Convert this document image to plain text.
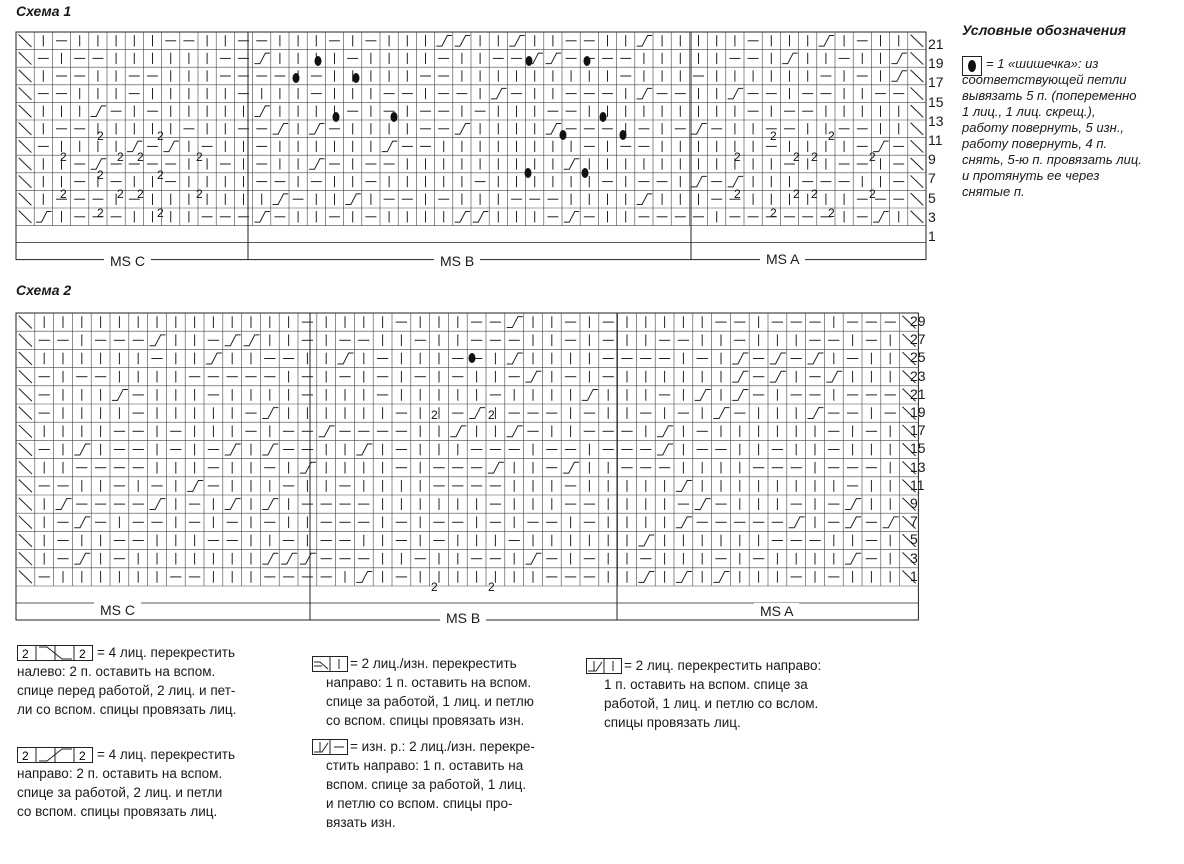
Схема 1
Схема 2
2	2	2	2
2	2 2	2	2	2 2	2
2	2
2	2 2	2	2	2 2	2
2	2	2	2
2	2
2	2
21
19
17
15
13
11
9
7
5
3
1
29
27
25
23
21
19
17
15
13
11
9
7
5
3
1
MS C	MS B	MS A
MS C	MS B	MS A
Условные обозначения
= 1 «шишечка»: из соответствующей петли вывязать 5 п. (попеременно 1 лиц., 1 лиц. скрещ.), работу повернуть, 5 изн., работу повернуть, 4 п. снять, 5-ю п. провязать лиц. и протянуть ее через снятые п.
2	2 = 4 лиц. перекрестить
налево: 2 п. оставить на вспом.
спице перед работой, 2 лиц. и пет-
ли со вспом. спицы провязать лиц.
2	2 = 4 лиц. перекрестить
направо: 2 п. оставить на вспом.
спице за работой, 2 лиц. и петли
со вспом. спицы провязать лиц.
= 2 лиц./изн. перекрестить
направо: 1 п. оставить на вспом.
спице за работой, 1 лиц. и петлю
со вспом. спицы провязать изн.
= изн. р.: 2 лиц./изн. перекре-
стить направо: 1 п. оставить на
вспом. спице за работой, 1 лиц.
и петлю со вспом. спицы про-
вязать изн.
= 2 лиц. перекрестить направо:
1 п. оставить на вспом. спице за
работой, 1 лиц. и петлю со вслом.
спицы провязать лиц.
